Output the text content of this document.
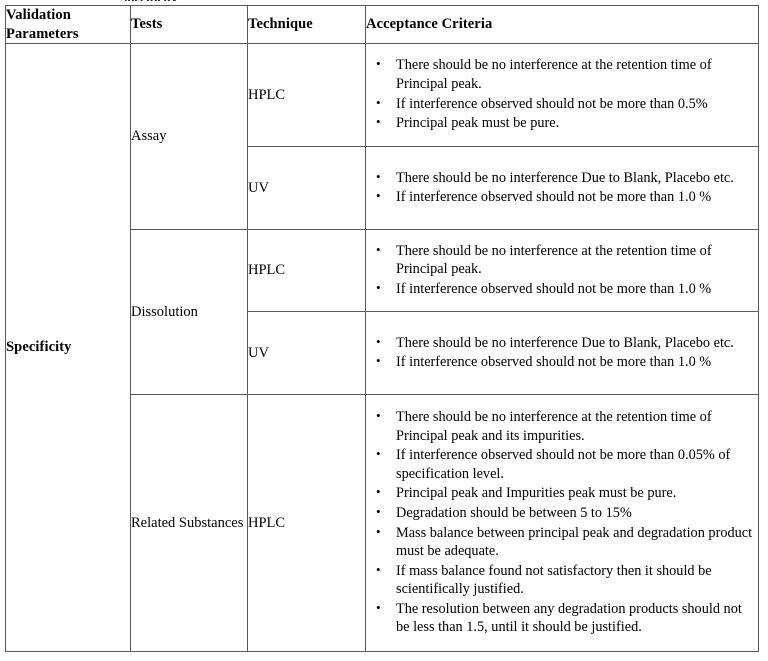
Validation Parameters	Tests	Technique	Acceptance Criteria
Specificity	Assay	HPLC	
• There should be no interference at the retention time of Principal peak.
• If interference observed should not be more than 0.5%
• Principal peak must be pure.

UV	
• There should be no interference Due to Blank, Placebo etc.
• If interference observed should not be more than 1.0 %

Dissolution	HPLC	
• There should be no interference at the retention time of Principal peak.
• If interference observed should not be more than 1.0 %

UV	
• There should be no interference Due to Blank, Placebo etc.
• If interference observed should not be more than 1.0 %

Related Substances	HPLC	
• There should be no interference at the retention time of Principal peak and its impurities.
• If interference observed should not be more than 0.05% of specification level.
• Principal peak and Impurities peak must be pure.
• Degradation should be between 5 to 15%
• Mass balance between principal peak and degradation product must be adequate.
• If mass balance found not satisfactory then it should be scientifically justified.
• The resolution between any degradation products should not be less than 1.5, until it should be justified.
